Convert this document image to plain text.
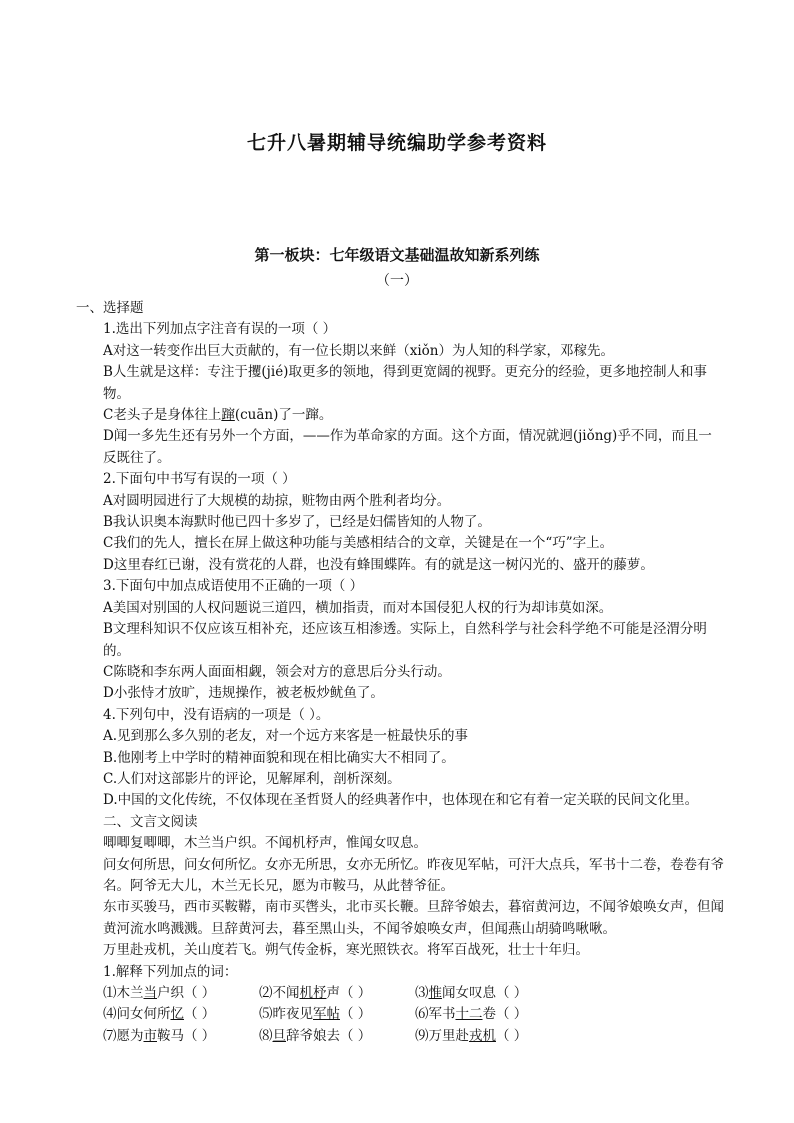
七升八暑期辅导统编助学参考资料
第一板块：七年级语文基础温故知新系列练
（一）
一、选择题
1.选出下列加点字注音有误的一项（ ）
A对这一转变作出巨大贡献的，有一位长期以来鲜（xiǒn）为人知的科学家，邓稼先。
B人生就是这样：专注于攫(jié)取更多的领地，得到更宽阔的视野。更充分的经验，更多地控制人和事物。
C老头子是身体往上蹿(cuān)了一蹿。
D闻一多先生还有另外一个方面，——作为革命家的方面。这个方面，情况就迥(jiǒng)乎不同，而且一反既往了。
2.下面句中书写有误的一项（ ）
A对圆明园进行了大规模的劫掠，赃物由两个胜利者均分。
B我认识奥本海默时他已四十多岁了，已经是妇儒皆知的人物了。
C我们的先人，擅长在屏上做这种功能与美感相结合的文章，关键是在一个“巧”字上。
D这里春红已谢，没有赏花的人群，也没有蜂围蝶阵。有的就是这一树闪光的、盛开的藤萝。
3.下面句中加点成语使用不正确的一项（ ）
A美国对别国的人权问题说三道四，横加指责，而对本国侵犯人权的行为却讳莫如深。
B文理科知识不仅应该互相补充，还应该互相渗透。实际上，自然科学与社会科学绝不可能是泾渭分明的。
C陈晓和李东两人面面相觑，领会对方的意思后分头行动。
D小张恃才放旷，违规操作，被老板炒鱿鱼了。
4.下列句中，没有语病的一项是（ ）。
A.见到那么多久别的老友，对一个远方来客是一桩最快乐的事
B.他刚考上中学时的精神面貌和现在相比确实大不相同了。
C.人们对这部影片的评论，见解犀利，剖析深刻。
D.中国的文化传统，不仅体现在圣哲贤人的经典著作中，也体现在和它有着一定关联的民间文化里。
二、文言文阅读
唧唧复唧唧，木兰当户织。不闻机杼声，惟闻女叹息。
问女何所思，问女何所忆。女亦无所思，女亦无所忆。昨夜见军帖，可汗大点兵，军书十二卷，卷卷有爷名。阿爷无大儿，木兰无长兄，愿为市鞍马，从此替爷征。
东市买骏马，西市买鞍鞯，南市买辔头，北市买长鞭。旦辞爷娘去，暮宿黄河边，不闻爷娘唤女声，但闻黄河流水鸣溅溅。旦辞黄河去，暮至黑山头，不闻爷娘唤女声，但闻燕山胡骑鸣啾啾。
万里赴戎机，关山度若飞。朔气传金柝，寒光照铁衣。将军百战死，壮士十年归。
1.解释下列加点的词：
⑴木兰当户织（ ）	⑵不闻机杼声（ ）	⑶惟闻女叹息（ ）
⑷问女何所忆（ ）	⑸昨夜见军帖（ ）	⑹军书十二卷（ ）
⑺愿为市鞍马（ ）	⑻旦辞爷娘去（ ）	⑼万里赴戎机（ ）
